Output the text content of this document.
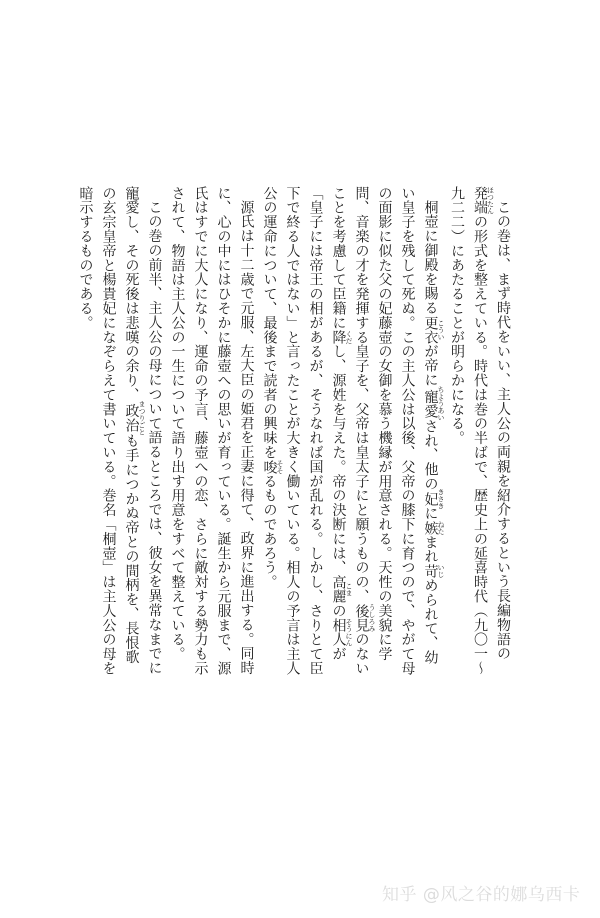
この巻は、まず時代をいい、主人公の両親を紹介するという長編物語の発端 ほつたんの形式を整えている。時代は巻の半ばで、歴史上の延喜時代（九〇一〜九二二）にあたることが明らかになる。

桐壺に御殿を賜る更衣 こういが帝に寵愛 ちようあいされ、他の妃 きさきに嫉 ねたまれ苛 いじめられて、幼い皇子を残して死ぬ。この主人公は以後、父帝の膝下に育つので、やがて母の面影に似た父の妃藤壺の女御を慕う機縁が用意される。天性の美貌に学問、音楽の才を発揮する皇子を、父帝は皇太子にと願うものの、後見 うしろみのないことを考慮して臣籍に降 くだし、源姓を与えた。帝の決断には、高麗 こまの相人 そうにんが「皇子には帝王の相があるが、そうなれば国が乱れる。しかし、さりとて臣下で終る人ではない」と言ったことが大きく働いている。相人の予言は主人公の運命について、最後まで読者の興味を唆 そそるものであろう。

源氏は十二歳で元服、左大臣の姫君を正妻に得て、政界に進出する。同時に、心の中にはひそかに藤壺への思いが育っている。誕生から元服まで、源氏はすでに大人になり、運命の予言、藤壺への恋、さらに敵対する勢力も示されて、物語は主人公の一生について語り出す用意をすべて整えている。

この巻の前半、主人公の母について語るところでは、彼女を異常なまでに寵愛し、その死後は悲嘆の余り、政治 まつりごとも手につかぬ帝との間柄を、長恨歌の玄宗皇帝と楊貴妃になぞらえて書いている。巻名「桐壺」は主人公の母を暗示するものである。

知乎 @风之谷的娜乌西卡
